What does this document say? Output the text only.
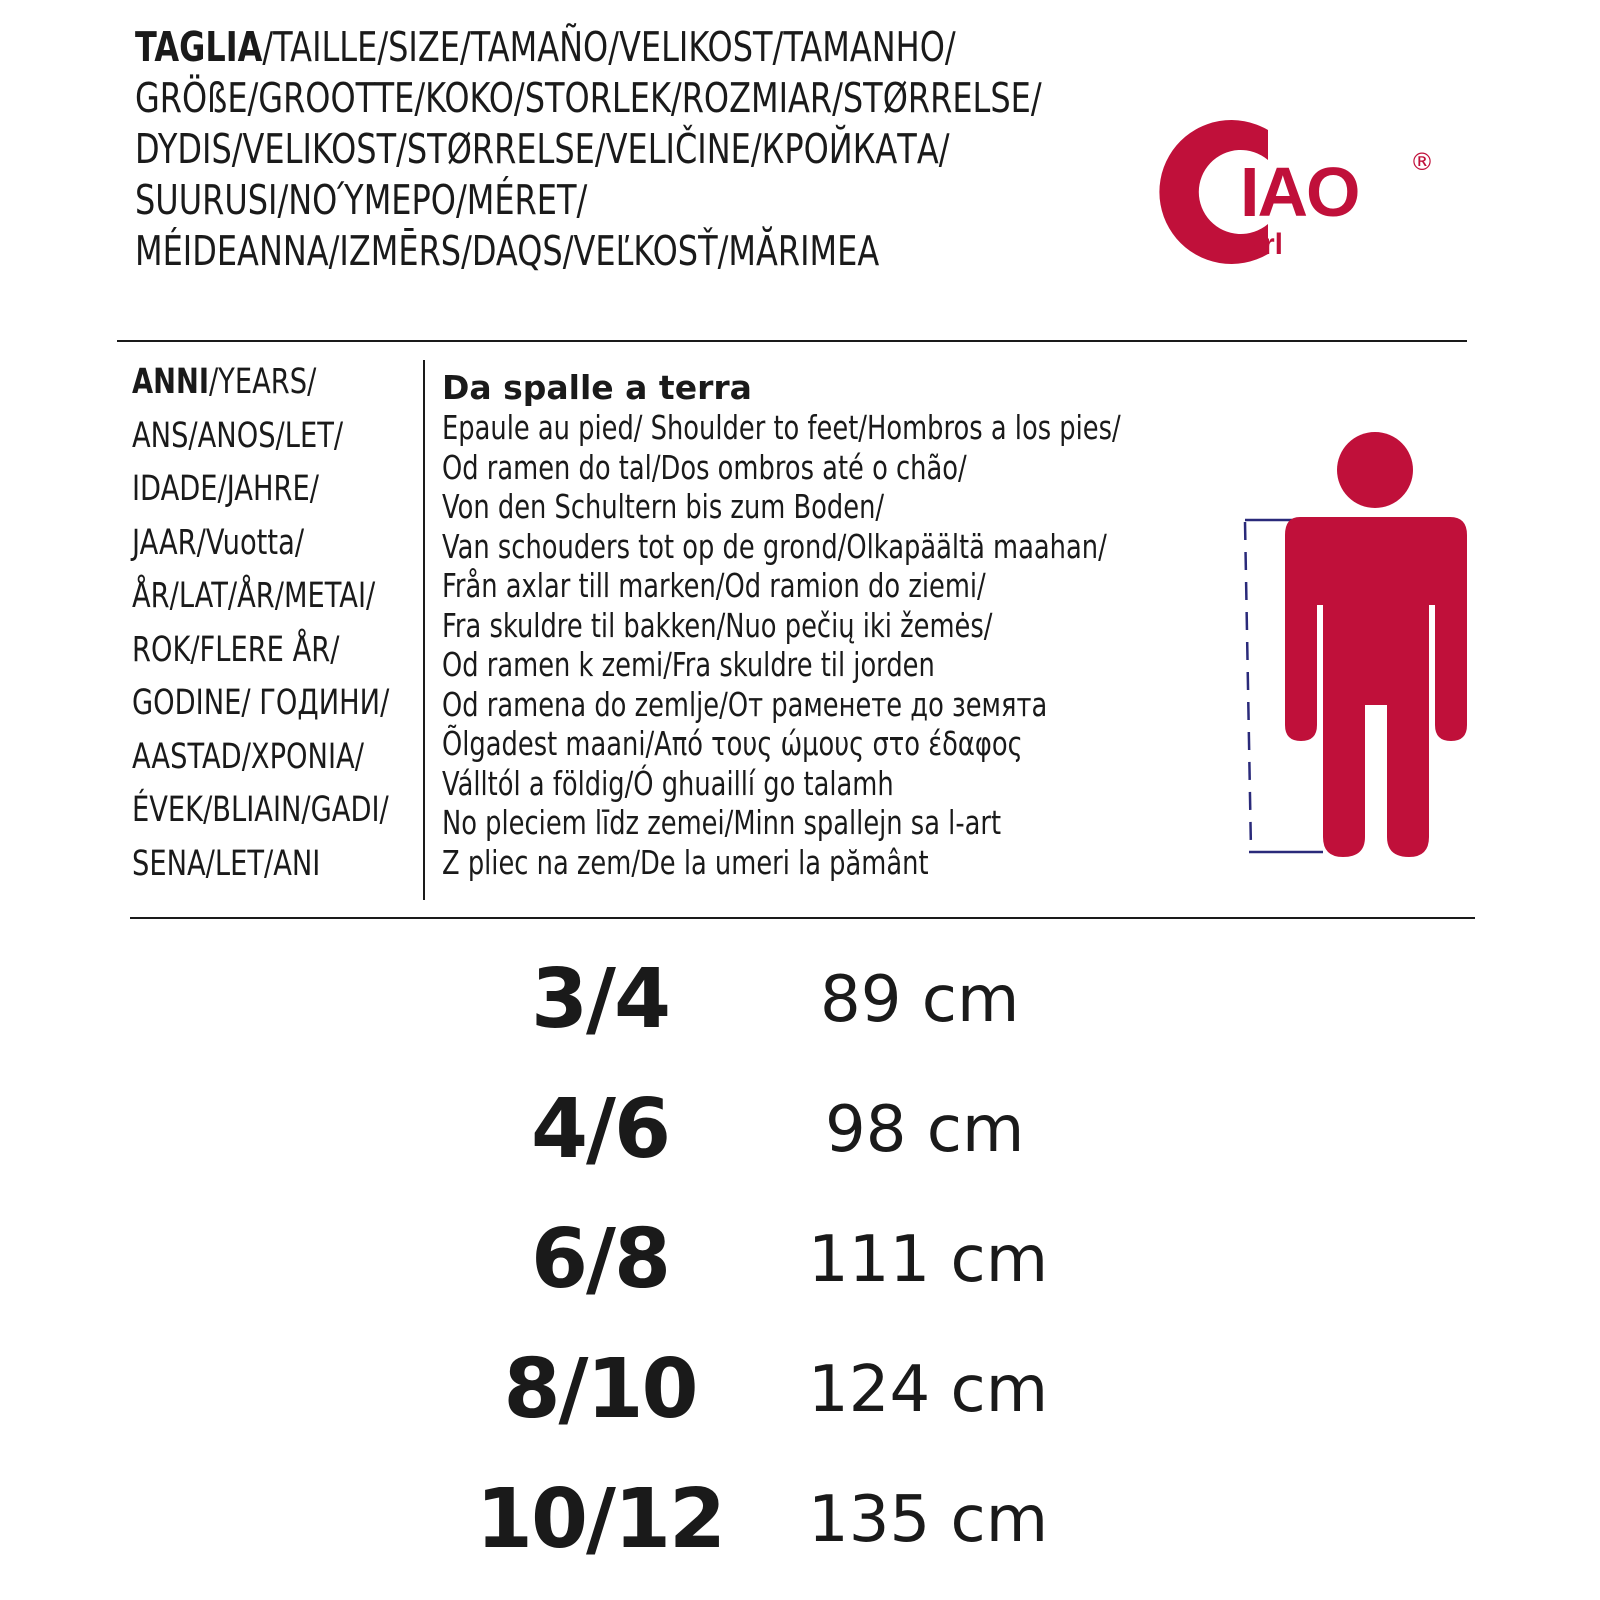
TAGLIA/TAILLE/SIZE/TAMAÑO/VELIKOST/TAMANHO/
GRÖßE/GROOTTE/KOKO/STORLEK/ROZMIAR/STØRRELSE/
DYDIS/VELIKOST/STØRRELSE/VELIČINE/КРОЙКАТА/
SUURUSI/ΝΟΎΜΕΡΟ/MÉRET/
MÉIDEANNA/IZMĒRS/DAQS/VEĽKOSŤ/MĂRIMEA
IAO
Srl
®
ANNI/YEARS/
ANS/ANOS/LET/
IDADE/JAHRE/
JAAR/Vuotta/
ÅR/LAT/ÅR/METAI/
ROK/FLERE ÅR/
GODINE/ ГОДИНИ/
AASTAD/ΧΡΟΝΙΑ/
ÉVEK/BLIAIN/GADI/
SENA/LET/ANI
Da spalle a terra
Epaule au pied/ Shoulder to feet/Hombros a los pies/
Od ramen do tal/Dos ombros até o chão/
Von den Schultern bis zum Boden/
Van schouders tot op de grond/Olkapäältä maahan/
Från axlar till marken/Od ramion do ziemi/
Fra skuldre til bakken/Nuo pečių iki žemės/
Od ramen k zemi/Fra skuldre til jorden
Od ramena do zemlje/От раменете до земята
Õlgadest maani/Από τους ώμους στο έδαφος
Válltól a földig/Ó ghuaillí go talamh
No pleciem līdz zemei/Minn spallejn sa l-art
Z pliec na zem/De la umeri la pământ
3/4	89 cm
4/6	98 cm
6/8	111 cm
8/10	124 cm
10/12	135 cm
